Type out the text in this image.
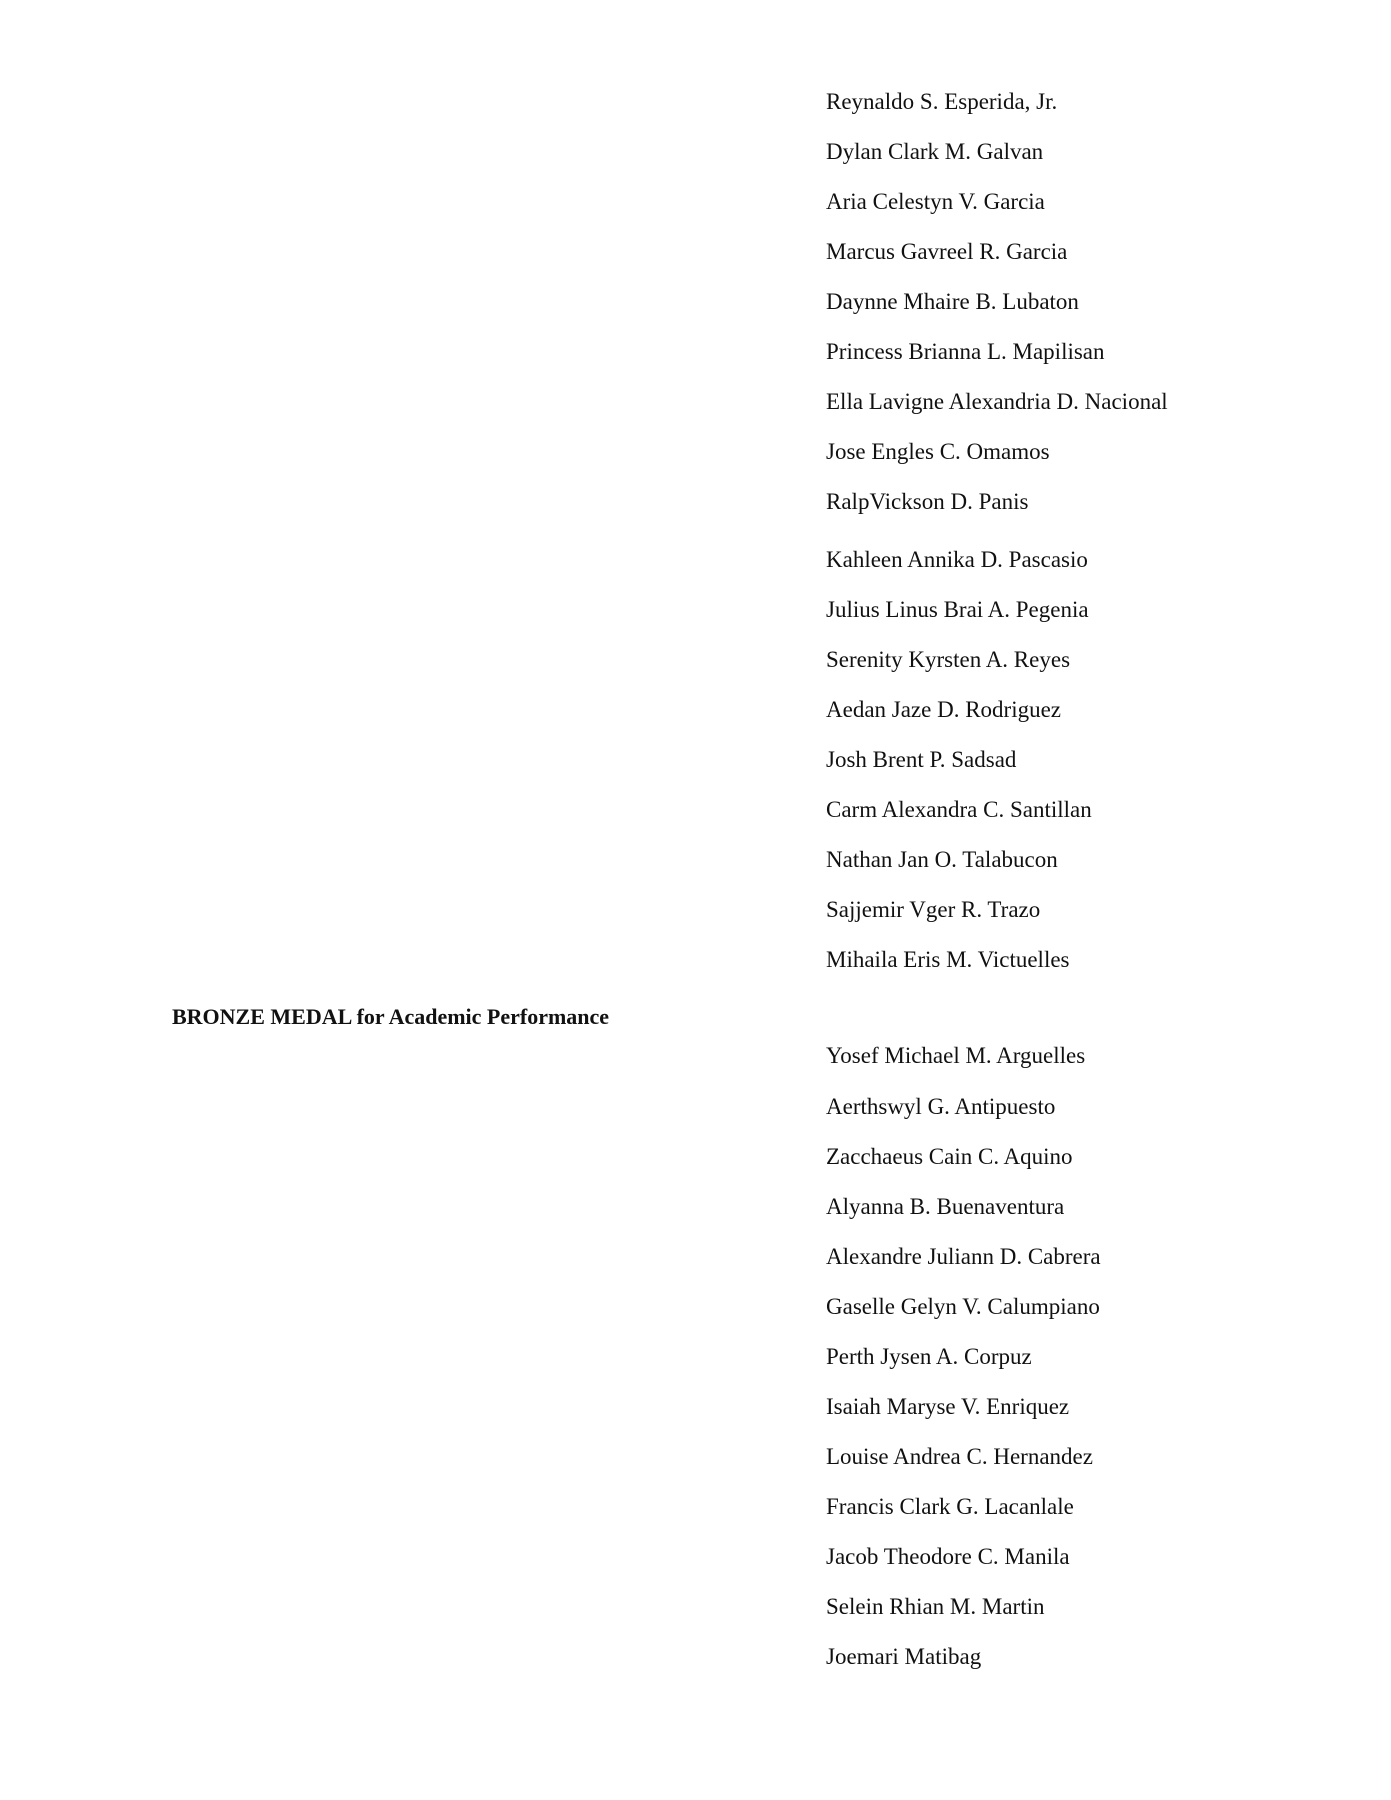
Reynaldo S. Esperida, Jr.
Dylan Clark M. Galvan
Aria Celestyn V. Garcia
Marcus Gavreel R. Garcia
Daynne Mhaire B. Lubaton
Princess Brianna L. Mapilisan
Ella Lavigne Alexandria D. Nacional
Jose Engles C. Omamos
RalpVickson D. Panis
Kahleen Annika D. Pascasio
Julius Linus Brai A. Pegenia
Serenity Kyrsten A. Reyes
Aedan Jaze D. Rodriguez
Josh Brent P. Sadsad
Carm Alexandra C. Santillan
Nathan Jan O. Talabucon
Sajjemir Vger R. Trazo
Mihaila Eris M. Victuelles
BRONZE MEDAL for Academic Performance
Yosef Michael M. Arguelles
Aerthswyl G. Antipuesto
Zacchaeus Cain C. Aquino
Alyanna B. Buenaventura
Alexandre Juliann D. Cabrera
Gaselle Gelyn V. Calumpiano
Perth Jysen A. Corpuz
Isaiah Maryse V. Enriquez
Louise Andrea C. Hernandez
Francis Clark G. Lacanlale
Jacob Theodore C. Manila
Selein Rhian M. Martin
Joemari Matibag
